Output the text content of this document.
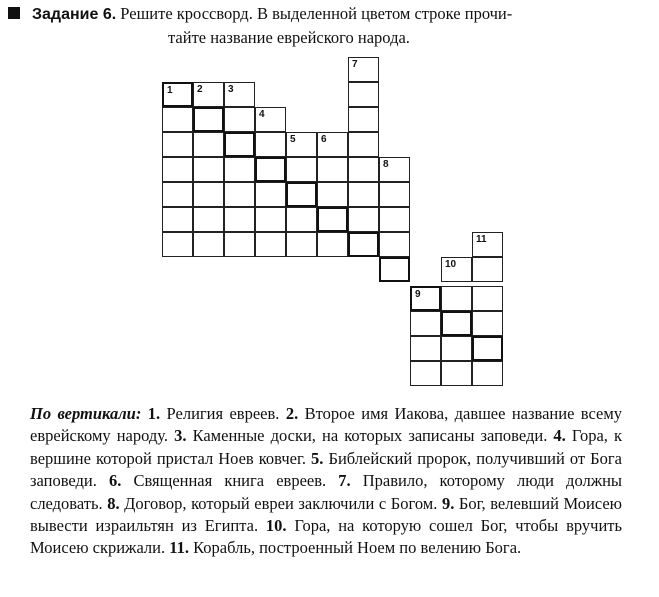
Задание 6. Решите кроссворд. В выделенной цветом строке прочи-
тайте название еврейского народа.
1 2	3
4
5	6
7
8
9
10
11
По вертикали: 1. Религия евреев. 2. Второе имя Иакова, давшее название всему еврейскому народу. 3. Каменные доски, на которых записаны заповеди. 4. Гора, к вершине которой пристал Ноев ковчег. 5. Библейский пророк, получивший от Бога заповеди. 6. Священная книга евреев. 7. Правило, которому люди должны следовать. 8. Договор, который евреи заключили с Богом. 9. Бог, велевший Моисею вывести израильтян из Египта. 10. Гора, на которую сошел Бог, чтобы вручить Моисею скрижали. 11. Корабль, построенный Ноем по велению Бога.
